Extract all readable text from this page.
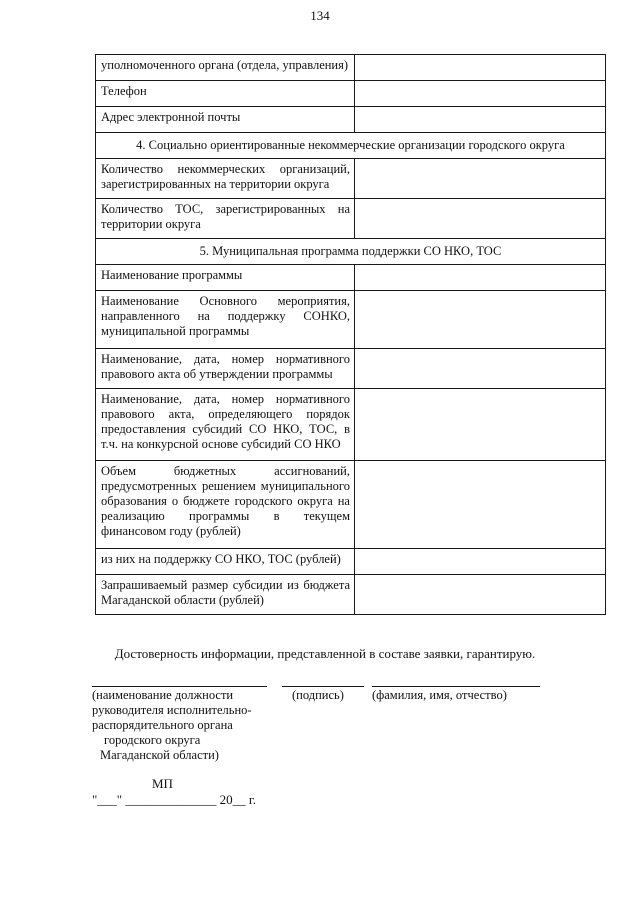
134
уполномоченного органа (отдела, управления)	
Телефон	
Адрес электронной почты	
4. Социально ориентированные некоммерческие организации городского округа	
Количество некоммерческих организаций, зарегистрированных на территории округа	
Количество ТОС, зарегистрированных на территории округа	
5. Муниципальная программа поддержки СО НКО, ТОС	
Наименование программы	
Наименование Основного мероприятия, направленного на поддержку СОНКО, муниципальной программы	
Наименование, дата, номер нормативного правового акта об утверждении программы	
Наименование, дата, номер нормативного правового акта, определяющего порядок предоставления субсидий СО НКО, ТОС, в т.ч. на конкурсной основе субсидий СО НКО	
Объем бюджетных ассигнований, предусмотренных решением муниципального образования о бюджете городского округа на реализацию программы в текущем финансовом году (рублей)	
из них на поддержку СО НКО, ТОС (рублей)	
Запрашиваемый размер субсидии из бюджета Магаданской области (рублей)	
Достоверность информации, представленной в составе заявки, гарантирую.
(наименование должности
руководителя исполнительно-
распорядительного органа
городского округа
Магаданской области)
(подпись) (фамилия, имя, отчество)
МП
"___" ______________ 20__ г.
